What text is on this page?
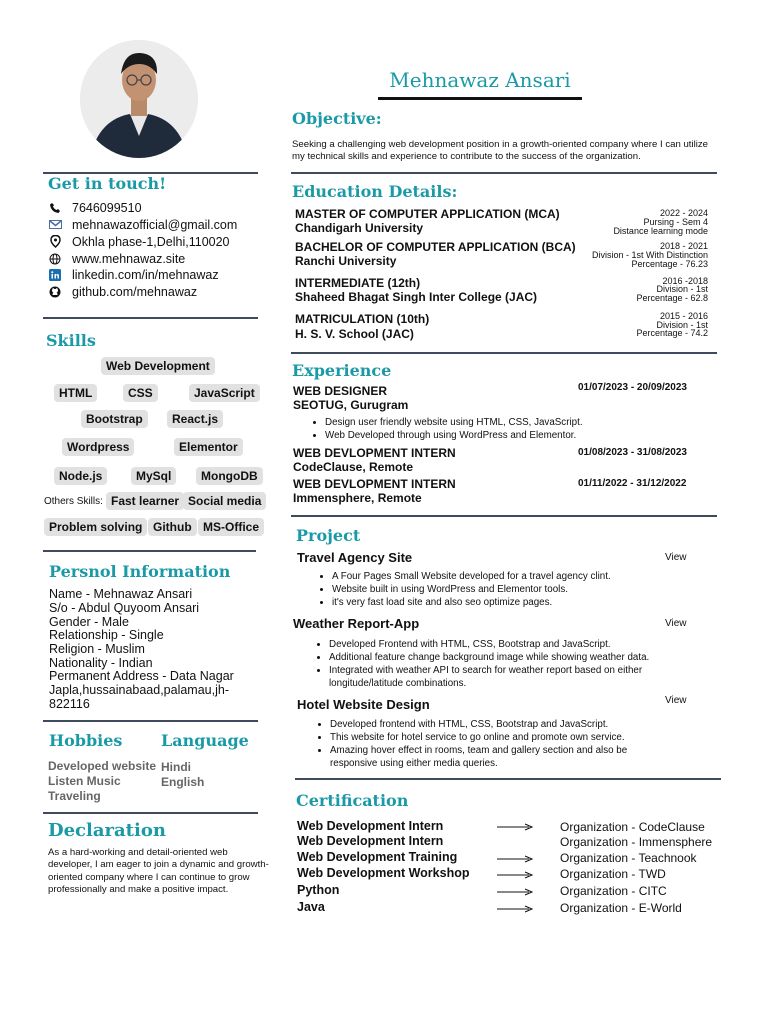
Mehnawaz Ansari
Get in touch!
7646099510
mehnawazofficial@gmail.com
Okhla phase-1,Delhi,110020
www.mehnawaz.site
linkedin.com/in/mehnawaz
github.com/mehnawaz
Skills
Web Development
HTML	CSS	JavaScript
Bootstrap	React.js
Wordpress	Elementor
Node.js	MySql	MongoDB
Others Skills: Fast learner Social media
Problem solving Github MS-Office
Persnol Information
Name - Mehnawaz Ansari
S/o - Abdul Quyoom Ansari
Gender - Male
Relationship - Single
Religion - Muslim
Nationality - Indian
Permanent Address - Data Nagar
Japla,hussainabaad,palamau,jh-
822116
Hobbies Language
Developed website
Listen Music
Traveling
Hindi
English
Declaration
As a hard-working and detail-oriented web developer, I am eager to join a dynamic and growth-oriented company where I can continue to grow professionally and make a positive impact.
Objective:
Seeking a challenging web development position in a growth-oriented company where I can utilize my technical skills and experience to contribute to the success of the organization.
Education Details:
MASTER OF COMPUTER APPLICATION (MCA)
Chandigarh University
2022 - 2024
Pursing - Sem 4
Distance learning mode
BACHELOR OF COMPUTER APPLICATION (BCA)
Ranchi University
2018 - 2021
Division - 1st With Distinction
Percentage - 76.23
INTERMEDIATE (12th)
Shaheed Bhagat Singh Inter College (JAC)
2016 -2018
Division - 1st
Percentage - 62.8
MATRICULATION (10th)
H. S. V. School (JAC)
2015 - 2016
Division - 1st
Percentage - 74.2
Experience
WEB DESIGNER
SEOTUG, Gurugram
01/07/2023 - 20/09/2023
• Design user friendly website using HTML, CSS, JavaScript.
• Web Developed through using WordPress and Elementor.
WEB DEVLOPMENT INTERN
CodeClause, Remote
01/08/2023 - 31/08/2023
WEB DEVLOPMENT INTERN
Immensphere, Remote
01/11/2022 - 31/12/2022
Project
Travel Agency Site	View
• A Four Pages Small Website developed for a travel agency clint.
• Website built in using WordPress and Elementor tools.
• it's very fast load site and also seo optimize pages.
Weather Report-App	View
• Developed Frontend with HTML, CSS, Bootstrap and JavaScript.
• Additional feature change background image while showing weather data.
• Integrated with weather API to search for weather report based on either longitude/latitude combinations.
Hotel Website Design	View
• Developed frontend with HTML, CSS, Bootstrap and JavaScript.
• This website for hotel service to go online and promote own service.
• Amazing hover effect in rooms, team and gallery section and also be responsive using either media queries.
Certification
Web Development Intern	Organization - CodeClause
Web Development Intern	Organization - Immensphere
Web Development Training	Organization - Teachnook
Web Development Workshop	Organization - TWD
Python	Organization - CITC
Java	Organization - E-World
